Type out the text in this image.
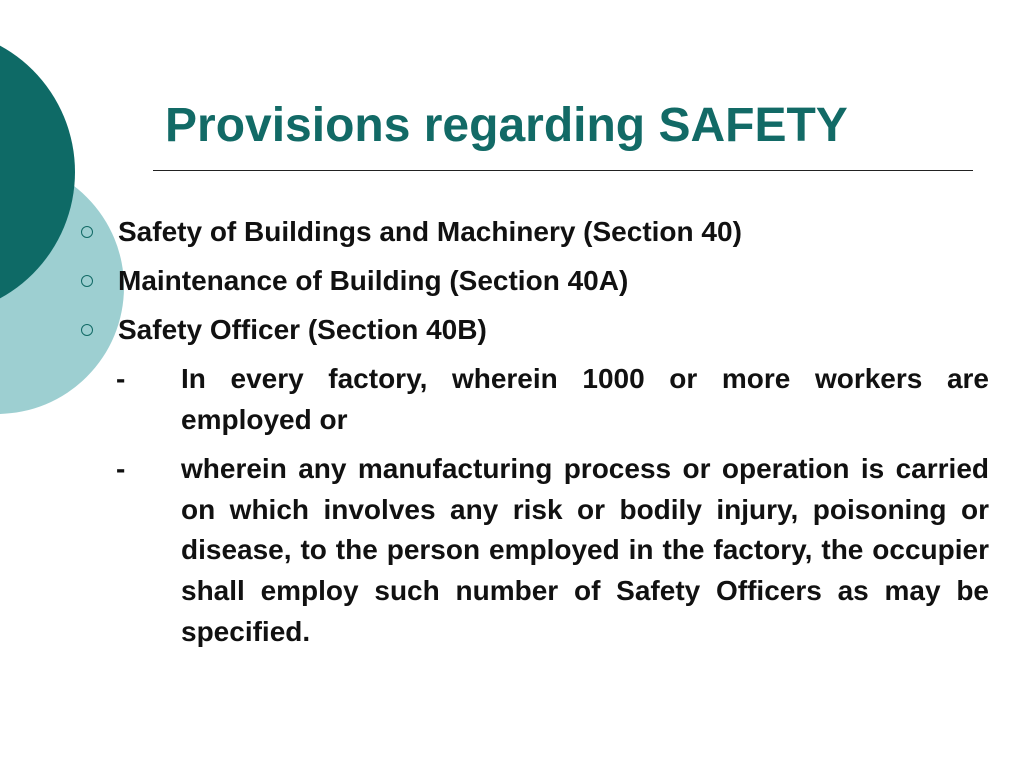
Provisions regarding SAFETY
Safety of Buildings and Machinery (Section 40)
Maintenance of Building (Section 40A)
Safety Officer (Section 40B)
- In every factory, wherein 1000 or more workers are employed or
- wherein any manufacturing process or operation is carried on which involves any risk or bodily injury, poisoning or disease, to the person employed in the factory, the occupier shall employ such number of Safety Officers as may be specified.
